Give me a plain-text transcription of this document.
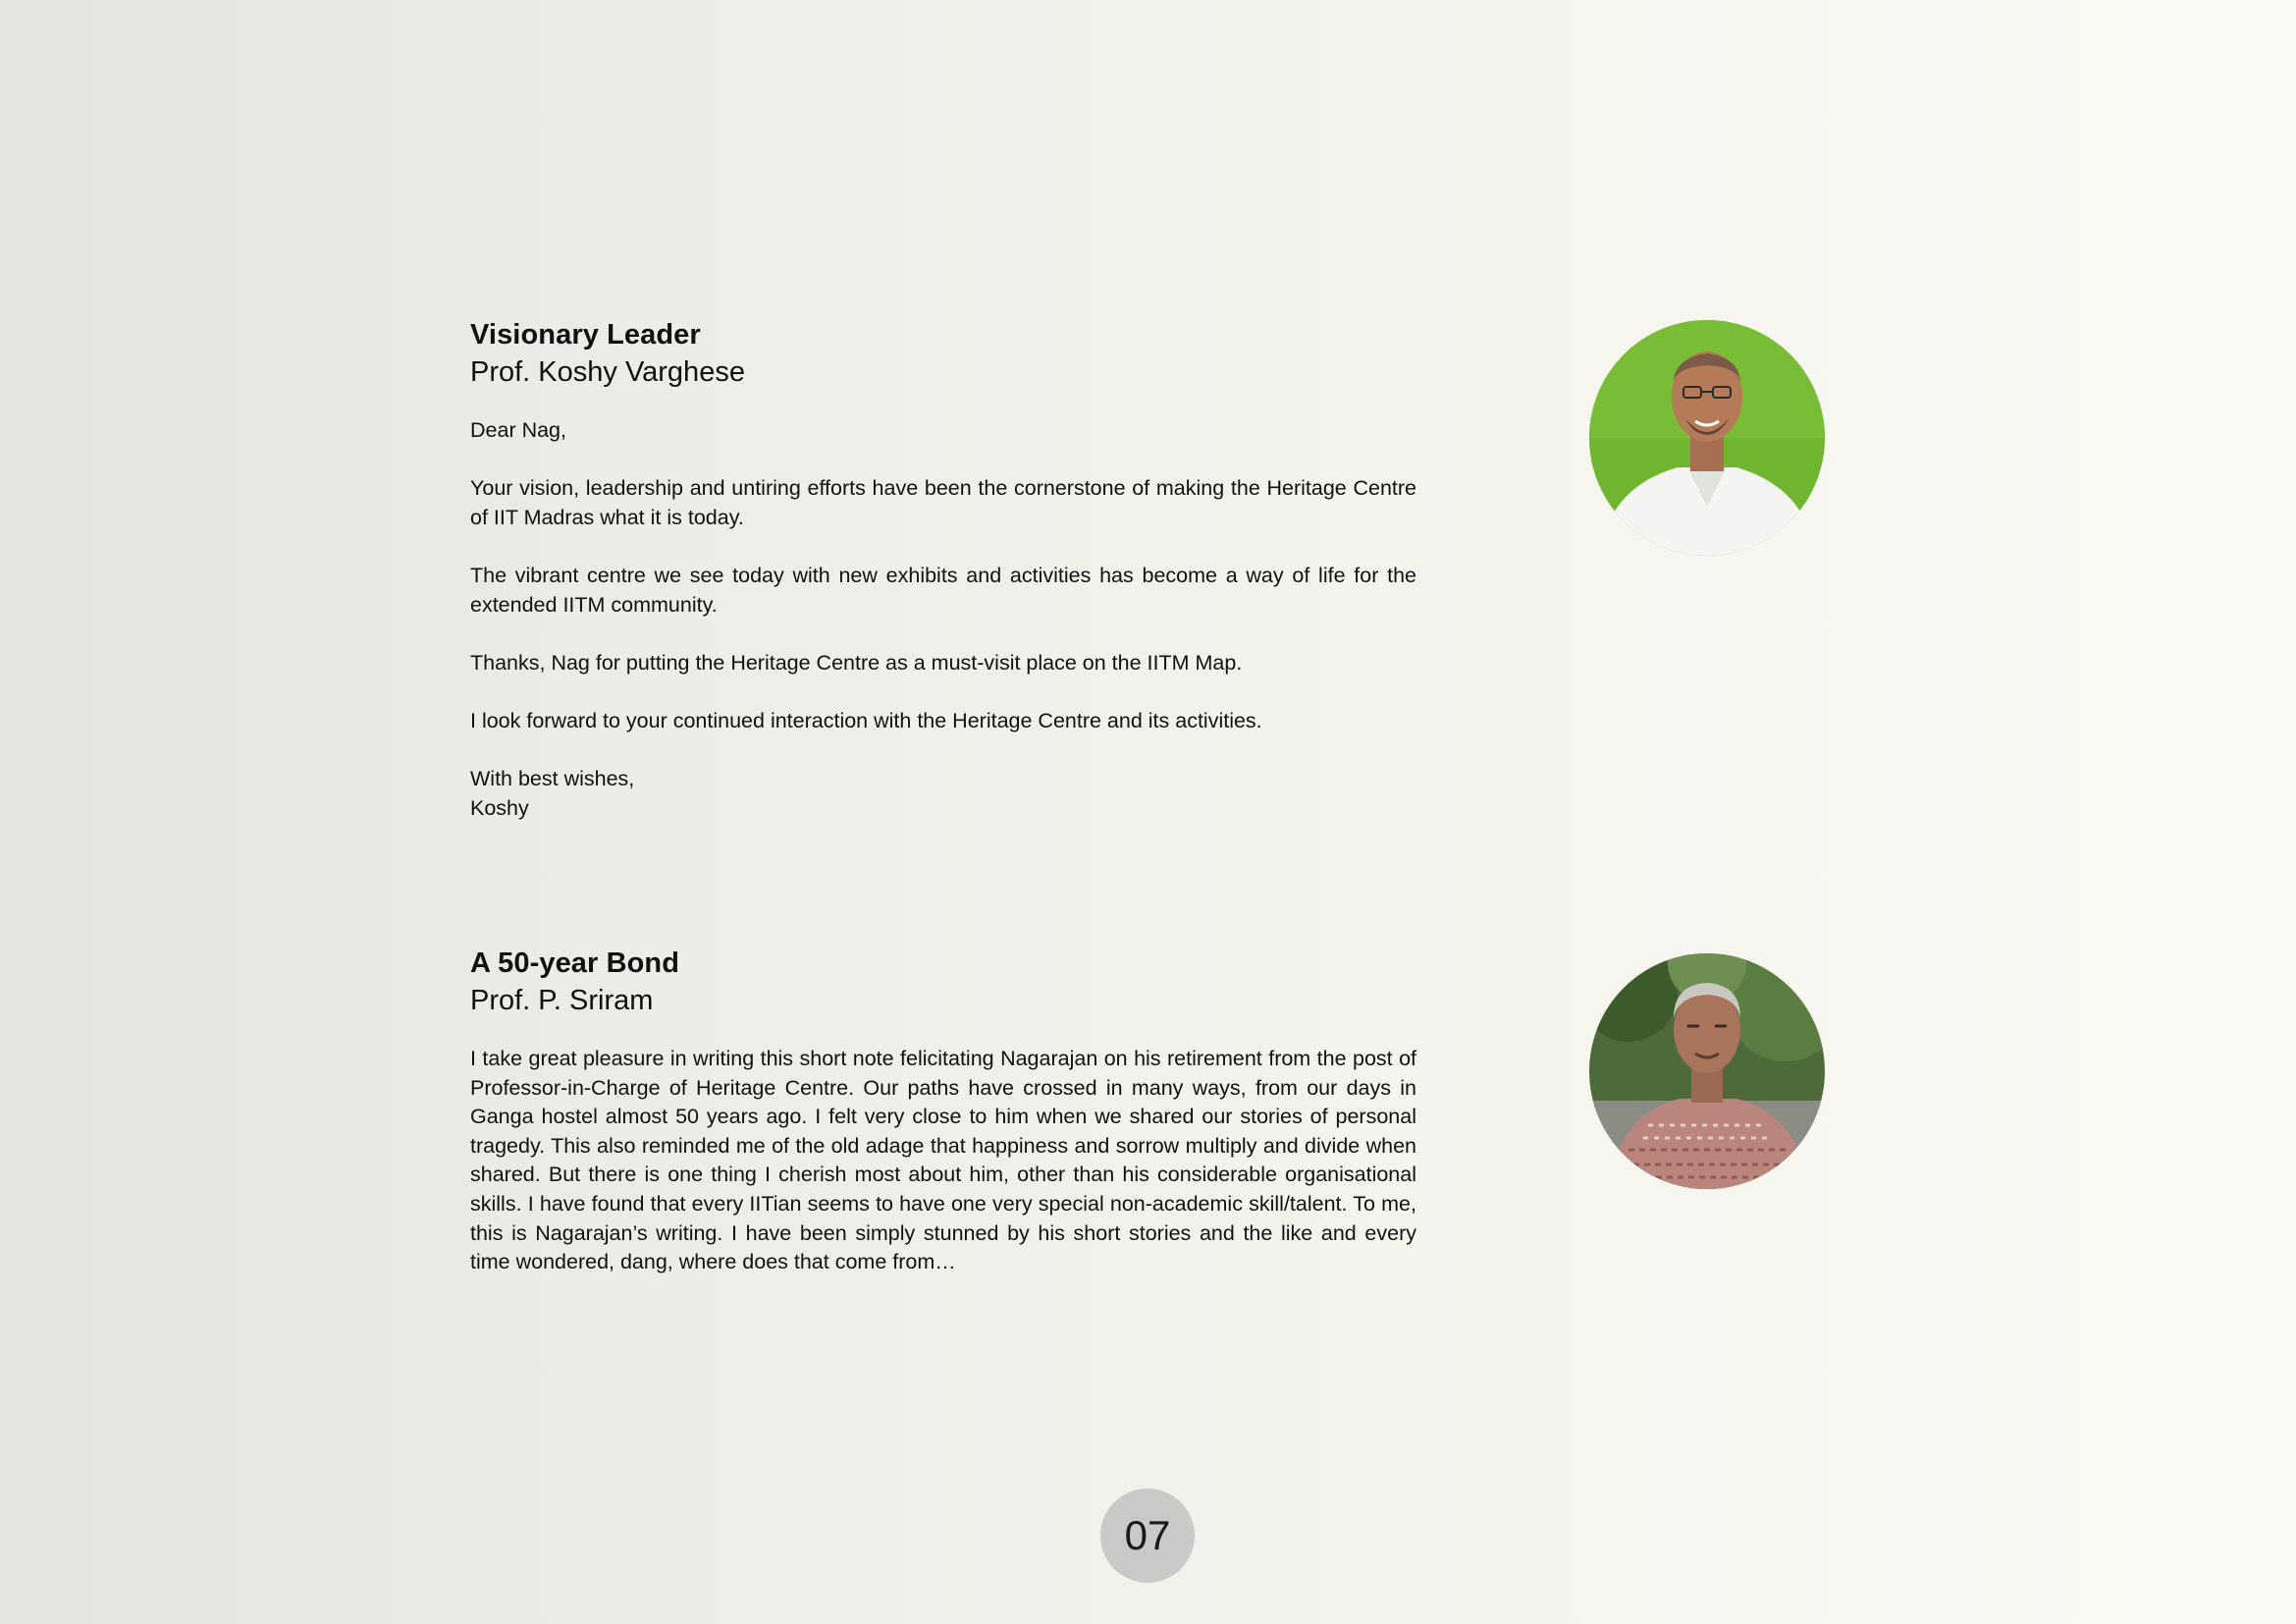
Visionary Leader
Prof. Koshy Varghese

Dear Nag,

Your vision, leadership and untiring efforts have been the cornerstone of making the Heritage Centre of IIT Madras what it is today.

The vibrant centre we see today with new exhibits and activities has become a way of life for the extended IITM community.

Thanks, Nag for putting the Heritage Centre as a must-visit place on the IITM Map.

I look forward to your continued interaction with the Heritage Centre and its activities.

With best wishes,
Koshy
A 50-year Bond
Prof. P. Sriram

I take great pleasure in writing this short note felicitating Nagarajan on his retirement from the post of Professor-in-Charge of Heritage Centre. Our paths have crossed in many ways, from our days in Ganga hostel almost 50 years ago. I felt very close to him when we shared our stories of personal tragedy. This also reminded me of the old adage that happiness and sorrow multiply and divide when shared. But there is one thing I cherish most about him, other than his considerable organisational skills. I have found that every IITian seems to have one very special non-academic skill/talent. To me, this is Nagarajan’s writing. I have been simply stunned by his short stories and the like and every time wondered, dang, where does that come from…

07
